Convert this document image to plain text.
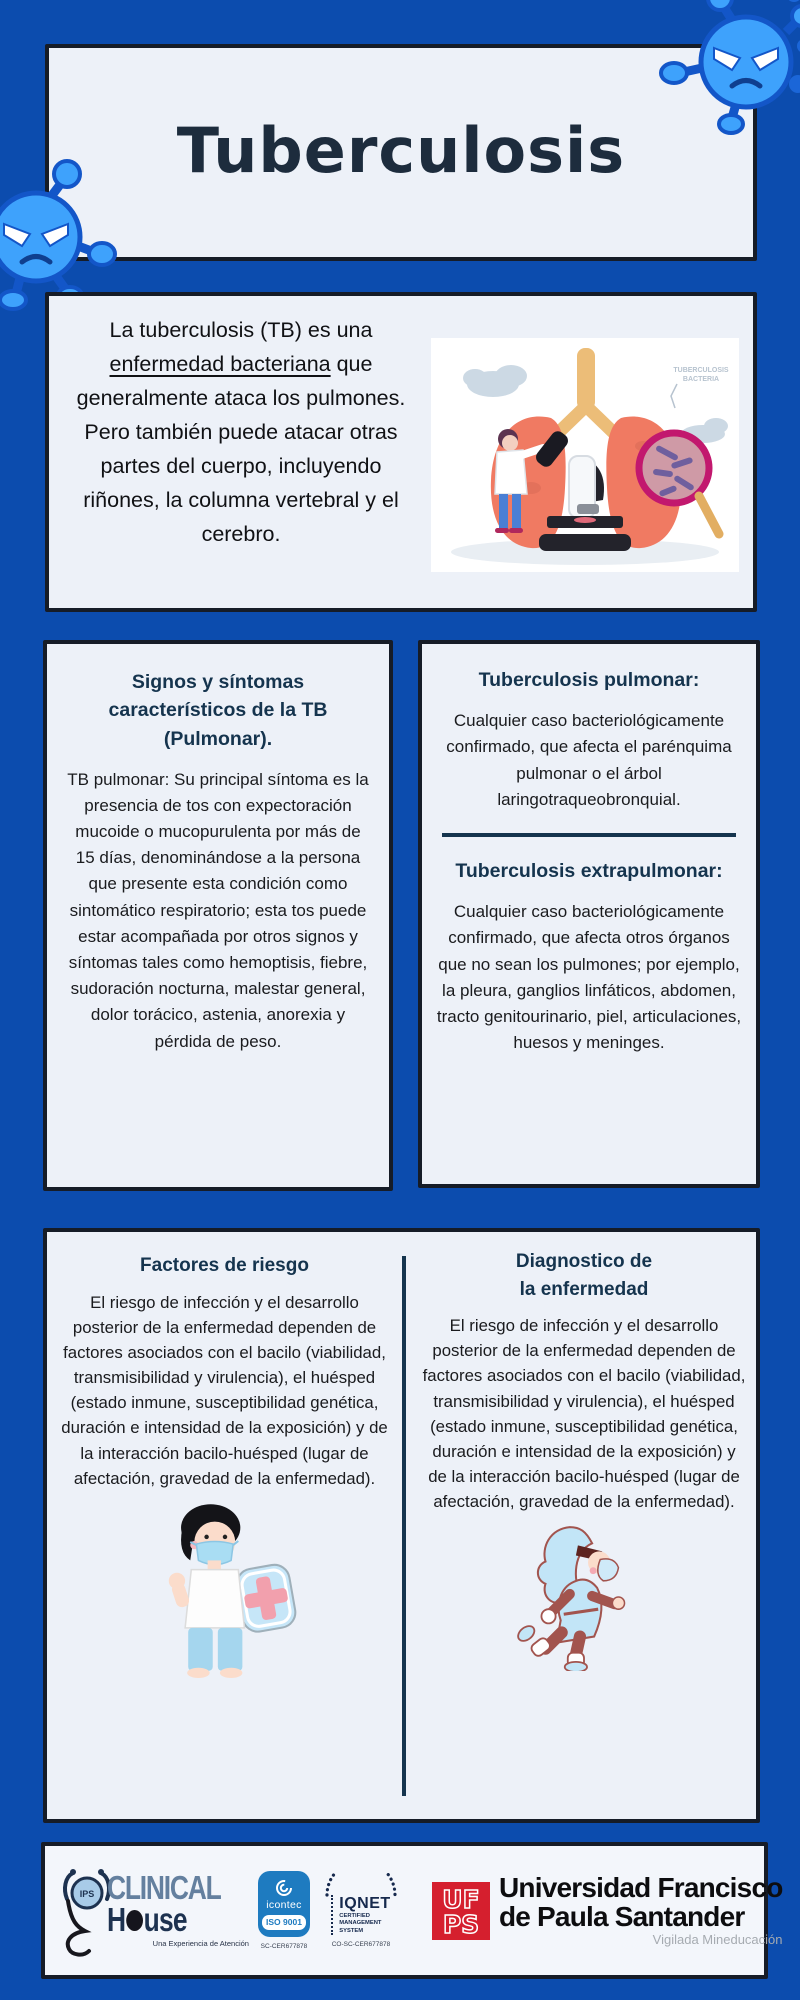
Tuberculosis

La tuberculosis (TB) es una enfermedad bacteriana que generalmente ataca los pulmones. Pero también puede atacar otras partes del cuerpo, incluyendo riñones, la columna vertebral y el cerebro.

TUBERCULOSIS
BACTERIA
Signos y síntomas característicos de la TB (Pulmonar).

TB pulmonar: Su principal síntoma es la presencia de tos con expectoración mucoide o mucopurulenta por más de 15 días, denominándose a la persona que presente esta condición como sintomático respiratorio; esta tos puede estar acompañada por otros signos y síntomas tales como hemoptisis, fiebre, sudoración nocturna, malestar general, dolor torácico, astenia, anorexia y pérdida de peso.

Tuberculosis pulmonar:

Cualquier caso bacteriológicamente confirmado, que afecta el parénquima pulmonar o el árbol laringotraqueobronquial.

Tuberculosis extrapulmonar:

Cualquier caso bacteriológicamente confirmado, que afecta otros órganos que no sean los pulmones; por ejemplo, la pleura, ganglios linfáticos, abdomen, tracto genitourinario, piel, articulaciones, huesos y meninges.

Factores de riesgo

El riesgo de infección y el desarrollo posterior de la enfermedad dependen de factores asociados con el bacilo (viabilidad, transmisibilidad y virulencia), el huésped (estado inmune, susceptibilidad genética, duración e intensidad de la exposición) y de la interacción bacilo-huésped (lugar de afectación, gravedad de la enfermedad).

Diagnostico de
la enfermedad

El riesgo de infección y el desarrollo posterior de la enfermedad dependen de factores asociados con el bacilo (viabilidad, transmisibilidad y virulencia), el huésped (estado inmune, susceptibilidad genética, duración e intensidad de la exposición) y de la interacción bacilo-huésped (lugar de afectación, gravedad de la enfermedad).

IPS CLINICAL
H use
Una Experiencia de Atención
icontec
ISO 9001
SC-CER677878
IQNET
CERTIFIED
MANAGEMENT
SYSTEM
CO-SC-CER677878
UF
PS
Universidad Francisco
de Paula Santander
Vigilada Mineducación
